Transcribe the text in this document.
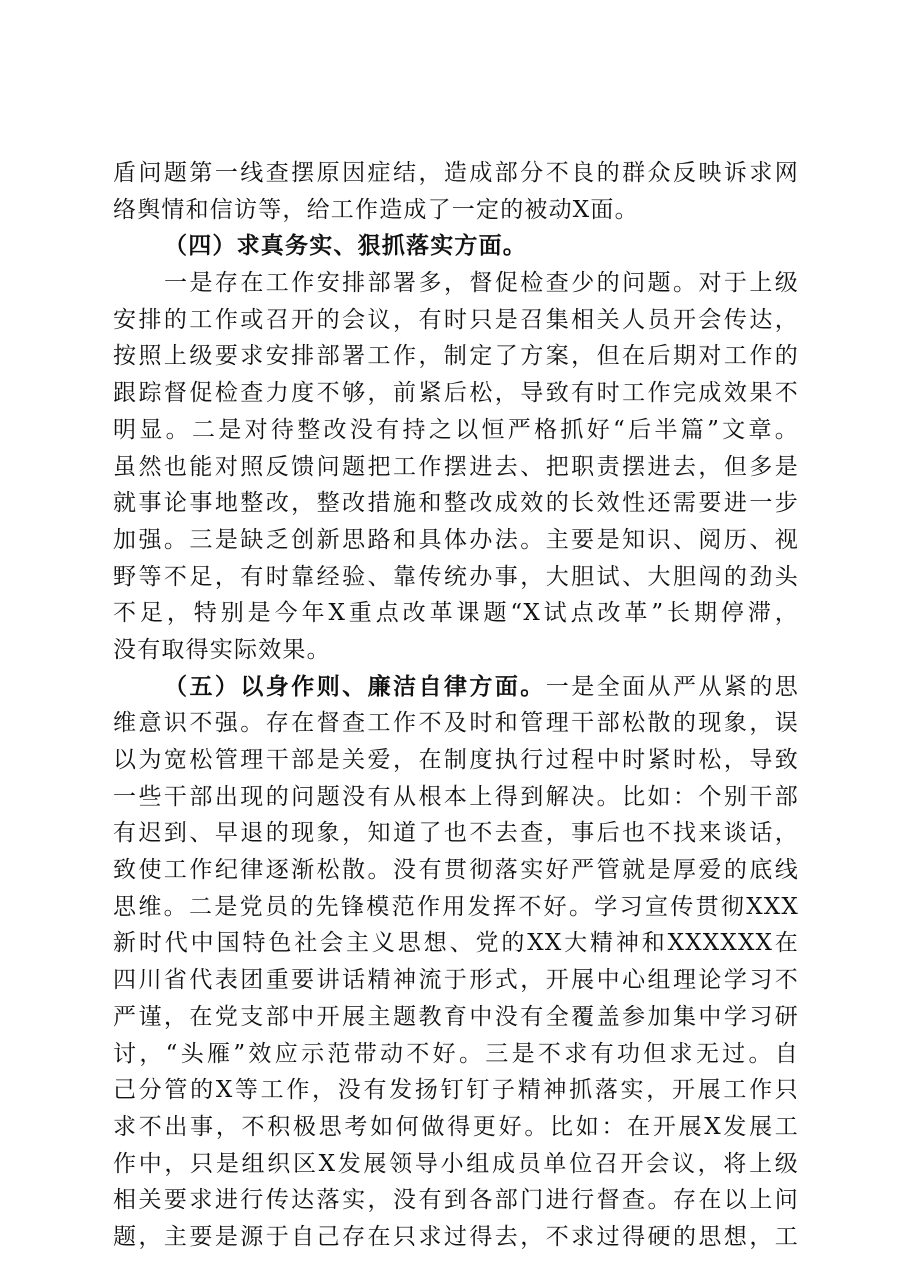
盾问题第一线查摆原因症结，造成部分不良的群众反映诉求网
络舆情和信访等，给工作造成了一定的被动X面。
（四）求真务实、狠抓落实方面。
一是存在工作安排部署多，督促检查少的问题。对于上级
安排的工作或召开的会议，有时只是召集相关人员开会传达，
按照上级要求安排部署工作，制定了方案，但在后期对工作的
跟踪督促检查力度不够，前紧后松，导致有时工作完成效果不
明显。二是对待整改没有持之以恒严格抓好“后半篇”文章。
虽然也能对照反馈问题把工作摆进去、把职责摆进去，但多是
就事论事地整改，整改措施和整改成效的长效性还需要进一步
加强。三是缺乏创新思路和具体办法。主要是知识、阅历、视
野等不足，有时靠经验、靠传统办事，大胆试、大胆闯的劲头
不足，特别是今年X重点改革课题“X试点改革”长期停滞，
没有取得实际效果。
（五）以身作则、廉洁自律方面。一是全面从严从紧的思
维意识不强。存在督查工作不及时和管理干部松散的现象，误
以为宽松管理干部是关爱，在制度执行过程中时紧时松，导致
一些干部出现的问题没有从根本上得到解决。比如：个别干部
有迟到、早退的现象，知道了也不去查，事后也不找来谈话，
致使工作纪律逐渐松散。没有贯彻落实好严管就是厚爱的底线
思维。二是党员的先锋模范作用发挥不好。学习宣传贯彻XXX
新时代中国特色社会主义思想、党的XX大精神和XXXXXX在
四川省代表团重要讲话精神流于形式，开展中心组理论学习不
严谨，在党支部中开展主题教育中没有全覆盖参加集中学习研
讨，“头雁”效应示范带动不好。三是不求有功但求无过。自
己分管的X等工作，没有发扬钉钉子精神抓落实，开展工作只
求不出事，不积极思考如何做得更好。比如：在开展X发展工
作中，只是组织区X发展领导小组成员单位召开会议，将上级
相关要求进行传达落实，没有到各部门进行督查。存在以上问
题，主要是源于自己存在只求过得去，不求过得硬的思想，工
